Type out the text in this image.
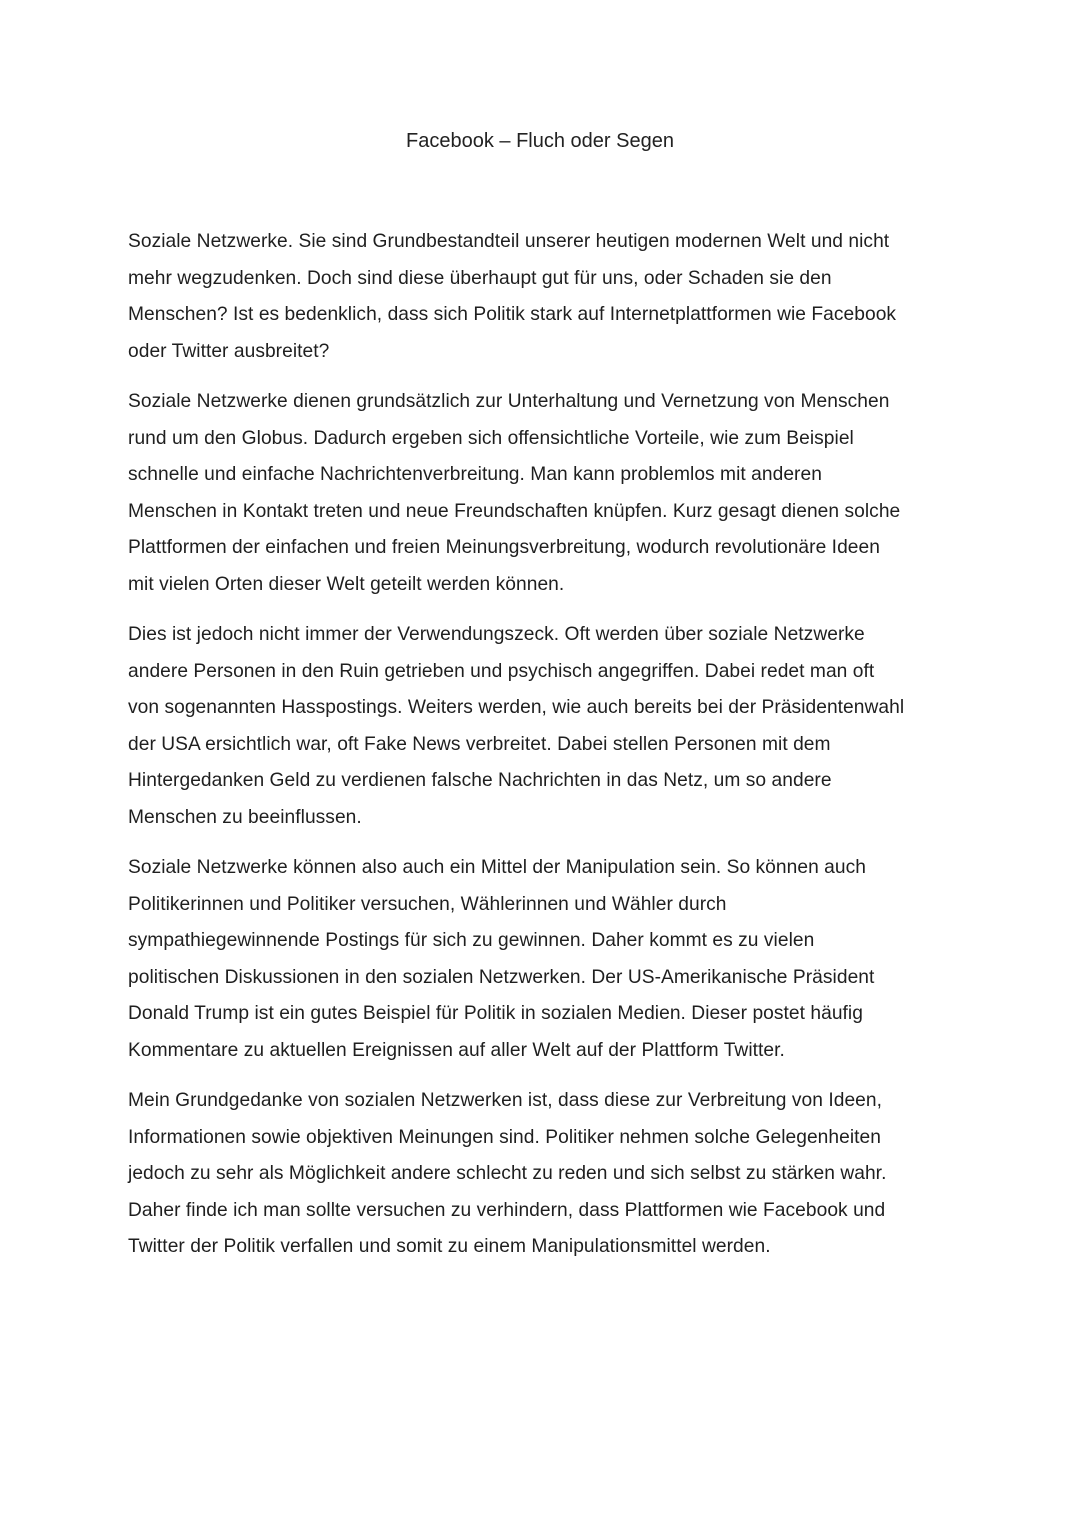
Facebook – Fluch oder Segen

Soziale Netzwerke. Sie sind Grundbestandteil unserer heutigen modernen Welt und nicht
mehr wegzudenken. Doch sind diese überhaupt gut für uns, oder Schaden sie den
Menschen? Ist es bedenklich, dass sich Politik stark auf Internetplattformen wie Facebook
oder Twitter ausbreitet?

Soziale Netzwerke dienen grundsätzlich zur Unterhaltung und Vernetzung von Menschen
rund um den Globus. Dadurch ergeben sich offensichtliche Vorteile, wie zum Beispiel
schnelle und einfache Nachrichtenverbreitung. Man kann problemlos mit anderen
Menschen in Kontakt treten und neue Freundschaften knüpfen. Kurz gesagt dienen solche
Plattformen der einfachen und freien Meinungsverbreitung, wodurch revolutionäre Ideen
mit vielen Orten dieser Welt geteilt werden können.

Dies ist jedoch nicht immer der Verwendungszeck. Oft werden über soziale Netzwerke
andere Personen in den Ruin getrieben und psychisch angegriffen. Dabei redet man oft
von sogenannten Hasspostings. Weiters werden, wie auch bereits bei der Präsidentenwahl
der USA ersichtlich war, oft Fake News verbreitet. Dabei stellen Personen mit dem
Hintergedanken Geld zu verdienen falsche Nachrichten in das Netz, um so andere
Menschen zu beeinflussen.

Soziale Netzwerke können also auch ein Mittel der Manipulation sein. So können auch
Politikerinnen und Politiker versuchen, Wählerinnen und Wähler durch
sympathiegewinnende Postings für sich zu gewinnen. Daher kommt es zu vielen
politischen Diskussionen in den sozialen Netzwerken. Der US-Amerikanische Präsident
Donald Trump ist ein gutes Beispiel für Politik in sozialen Medien. Dieser postet häufig
Kommentare zu aktuellen Ereignissen auf aller Welt auf der Plattform Twitter.

Mein Grundgedanke von sozialen Netzwerken ist, dass diese zur Verbreitung von Ideen,
Informationen sowie objektiven Meinungen sind. Politiker nehmen solche Gelegenheiten
jedoch zu sehr als Möglichkeit andere schlecht zu reden und sich selbst zu stärken wahr.
Daher finde ich man sollte versuchen zu verhindern, dass Plattformen wie Facebook und
Twitter der Politik verfallen und somit zu einem Manipulationsmittel werden.
